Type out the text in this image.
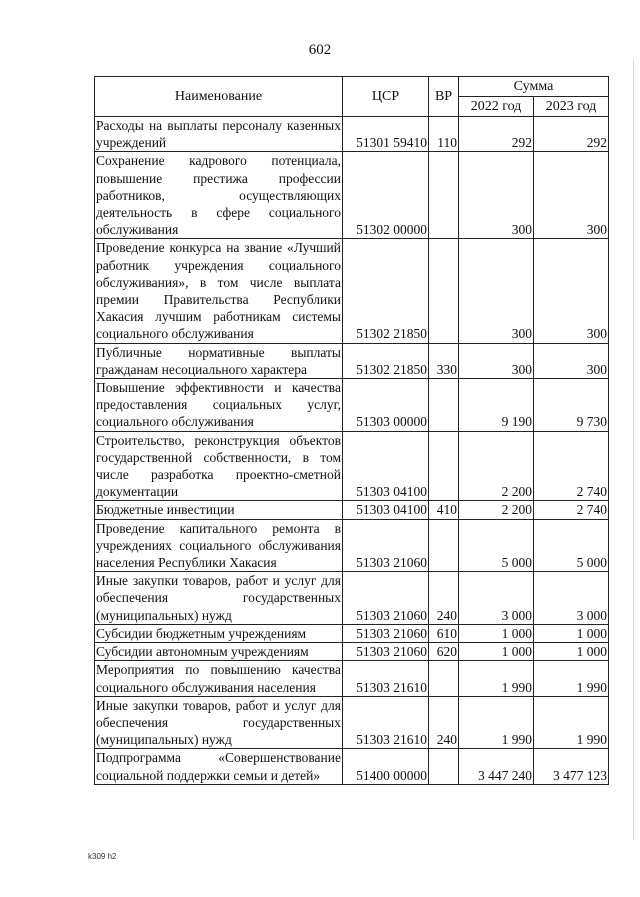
602
Наименование	ЦСР	ВР	Сумма	
			2022 год	2023 год
Расходы на выплаты персоналу казенных учреждений	51301 59410	110	292	292
Сохранение кадрового потенциала, повышение престижа профессии работников, осуществляющих деятельность в сфере социального обслуживания	51302 00000		300	300
Проведение конкурса на звание «Лучший работник учреждения социального обслуживания», в том числе выплата премии Правительства Республики Хакасия лучшим работникам системы социального обслуживания	51302 21850		300	300
Публичные нормативные выплаты гражданам несоциального характера	51302 21850	330	300	300
Повышение эффективности и качества предоставления социальных услуг, социального обслуживания	51303 00000		9 190	9 730
Строительство, реконструкция объектов государственной собственности, в том числе разработка проектно-сметной документации	51303 04100		2 200	2 740
Бюджетные инвестиции	51303 04100	410	2 200	2 740
Проведение капитального ремонта в учреждениях социального обслуживания населения Республики Хакасия	51303 21060		5 000	5 000
Иные закупки товаров, работ и услуг для обеспечения государственных (муниципальных) нужд	51303 21060	240	3 000	3 000
Субсидии бюджетным учреждениям	51303 21060	610	1 000	1 000
Субсидии автономным учреждениям	51303 21060	620	1 000	1 000
Мероприятия по повышению качества социального обслуживания населения	51303 21610		1 990	1 990
Иные закупки товаров, работ и услуг для обеспечения государственных (муниципальных) нужд	51303 21610	240	1 990	1 990
Подпрограмма «Совершенствование социальной поддержки семьи и детей»	51400 00000		3 447 240	3 477 123
k309 h2
